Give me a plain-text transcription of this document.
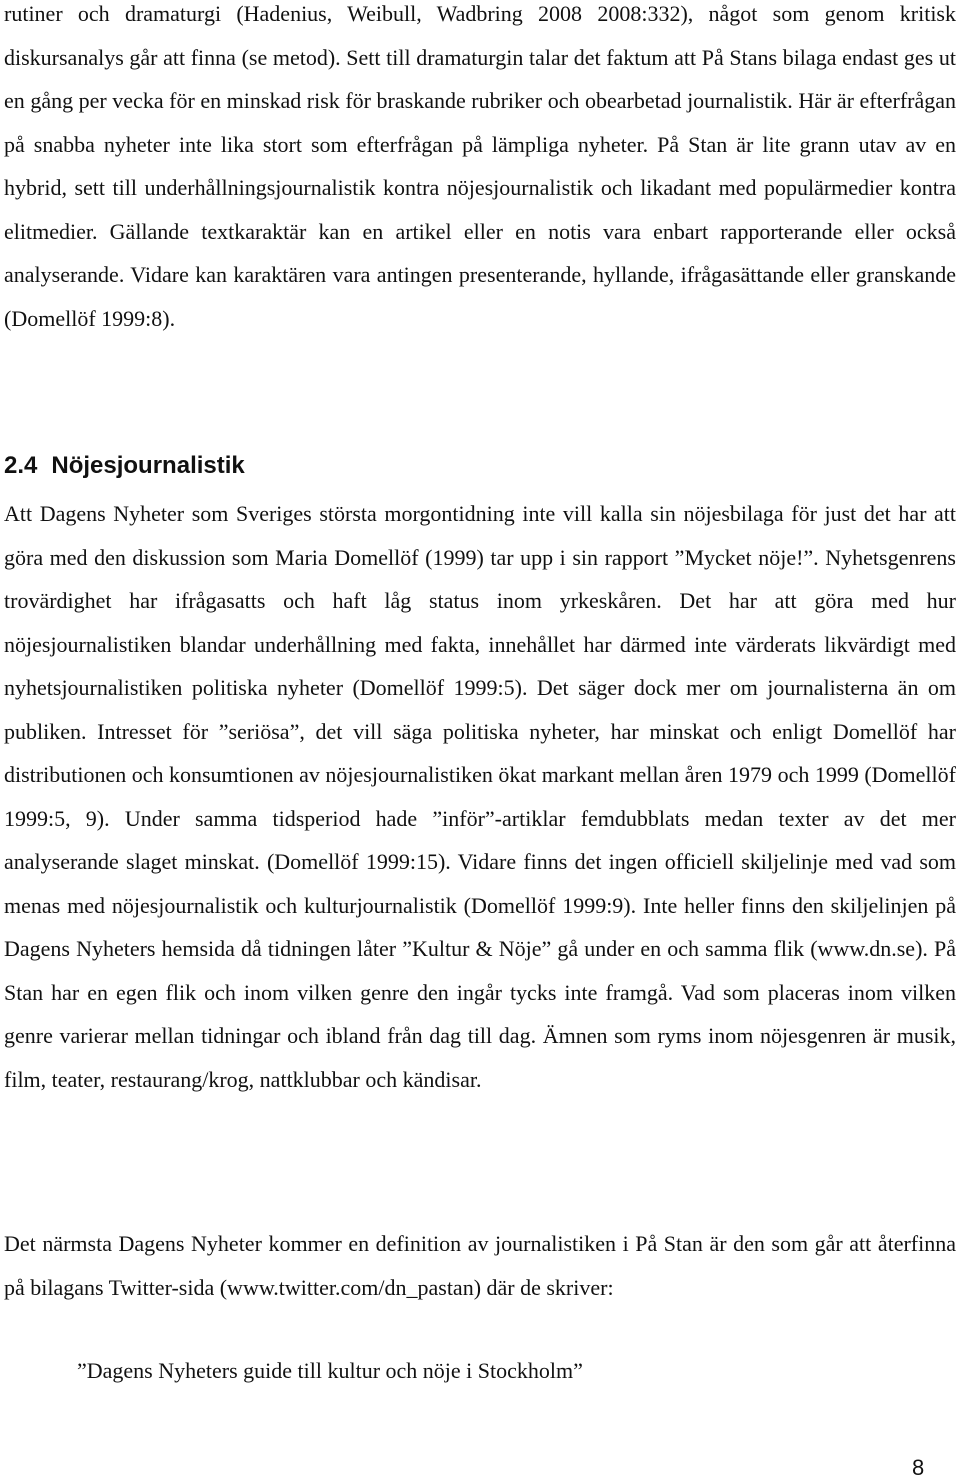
rutiner och dramaturgi (Hadenius, Weibull, Wadbring 2008 2008:332), något som genom kritisk diskursanalys går att finna (se metod). Sett till dramaturgin talar det faktum att På Stans bilaga endast ges ut en gång per vecka för en minskad risk för braskande rubriker och obearbetad journalistik. Här är efterfrågan på snabba nyheter inte lika stort som efterfrågan på lämpliga nyheter. På Stan är lite grann utav av en hybrid, sett till underhållningsjournalistik kontra nöjesjournalistik och likadant med populärmedier kontra elitmedier. Gällande textkaraktär kan en artikel eller en notis vara enbart rapporterande eller också analyserande. Vidare kan karaktären vara antingen presenterande, hyllande, ifrågasättande eller granskande (Domellöf 1999:8).

2.4 Nöjesjournalistik

Att Dagens Nyheter som Sveriges största morgontidning inte vill kalla sin nöjesbilaga för just det har att göra med den diskussion som Maria Domellöf (1999) tar upp i sin rapport ”Mycket nöje!”. Nyhetsgenrens trovärdighet har ifrågasatts och haft låg status inom yrkeskåren. Det har att göra med hur nöjesjournalistiken blandar underhållning med fakta, innehållet har därmed inte värderats likvärdigt med nyhetsjournalistiken politiska nyheter (Domellöf 1999:5). Det säger dock mer om journalisterna än om publiken. Intresset för ”seriösa”, det vill säga politiska nyheter, har minskat och enligt Domellöf har distributionen och konsumtionen av nöjesjournalistiken ökat markant mellan åren 1979 och 1999 (Domellöf 1999:5, 9). Under samma tidsperiod hade ”inför”-artiklar femdubblats medan texter av det mer analyserande slaget minskat. (Domellöf 1999:15). Vidare finns det ingen officiell skiljelinje med vad som menas med nöjesjournalistik och kulturjournalistik (Domellöf 1999:9). Inte heller finns den skiljelinjen på Dagens Nyheters hemsida då tidningen låter ”Kultur & Nöje” gå under en och samma flik (www.dn.se). På Stan har en egen flik och inom vilken genre den ingår tycks inte framgå. Vad som placeras inom vilken genre varierar mellan tidningar och ibland från dag till dag. Ämnen som ryms inom nöjesgenren är musik, film, teater, restaurang/krog, nattklubbar och kändisar.

Det närmsta Dagens Nyheter kommer en definition av journalistiken i På Stan är den som går att återfinna på bilagans Twitter-sida (www.twitter.com/dn_pastan) där de skriver:

”Dagens Nyheters guide till kultur och nöje i Stockholm”

8
